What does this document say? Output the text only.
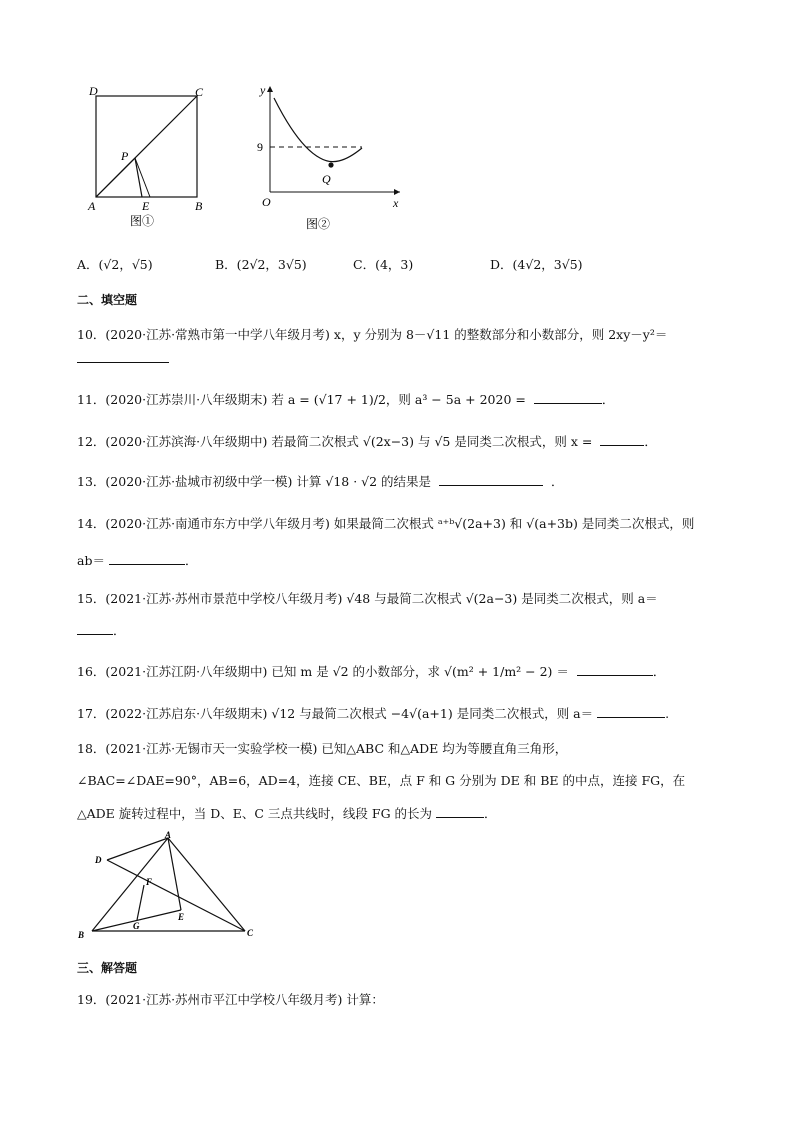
D	C
A	B
P
E
图①
y
x
O
9
Q
图②
A．(√2，√5)	B．(2√2，3√5)	C．(4，3)	D．(4√2，3√5)
二、填空题
10．(2020·江苏·常熟市第一中学八年级月考) x，y 分别为 8－√11 的整数部分和小数部分，则 2xy－y²＝
11．(2020·江苏崇川·八年级期末) 若 a = (√17 + 1)/2，则 a³ − 5a + 2020 =	．
12．(2020·江苏滨海·八年级期中) 若最简二次根式 √(2x−3) 与 √5 是同类二次根式，则 x =	．
13．(2020·江苏·盐城市初级中学一模) 计算 √18 · √2 的结果是	．
14．(2020·江苏·南通市东方中学八年级月考) 如果最简二次根式 ᵃ⁺ᵇ√(2a+3) 和 √(a+3b) 是同类二次根式，则
ab＝	．
15．(2021·江苏·苏州市景范中学校八年级月考) √48 与最简二次根式 √(2a−3) 是同类二次根式，则 a＝
．
16．(2021·江苏江阴·八年级期中) 已知 m 是 √2 的小数部分，求 √(m² + 1/m² − 2) ＝	．
17．(2022·江苏启东·八年级期末) √12 与最简二次根式 −4√(a+1) 是同类二次根式，则 a＝	.
18．(2021·江苏·无锡市天一实验学校一模) 已知△ABC 和△ADE 均为等腰直角三角形，
∠BAC=∠DAE=90°，AB=6，AD=4，连接 CE、BE，点 F 和 G 分别为 DE 和 BE 的中点，连接 FG，在
△ADE 旋转过程中，当 D、E、C 三点共线时，线段 FG 的长为	．
A
D
F
E
G
B	C
三、解答题
19．(2021·江苏·苏州市平江中学校八年级月考) 计算：
